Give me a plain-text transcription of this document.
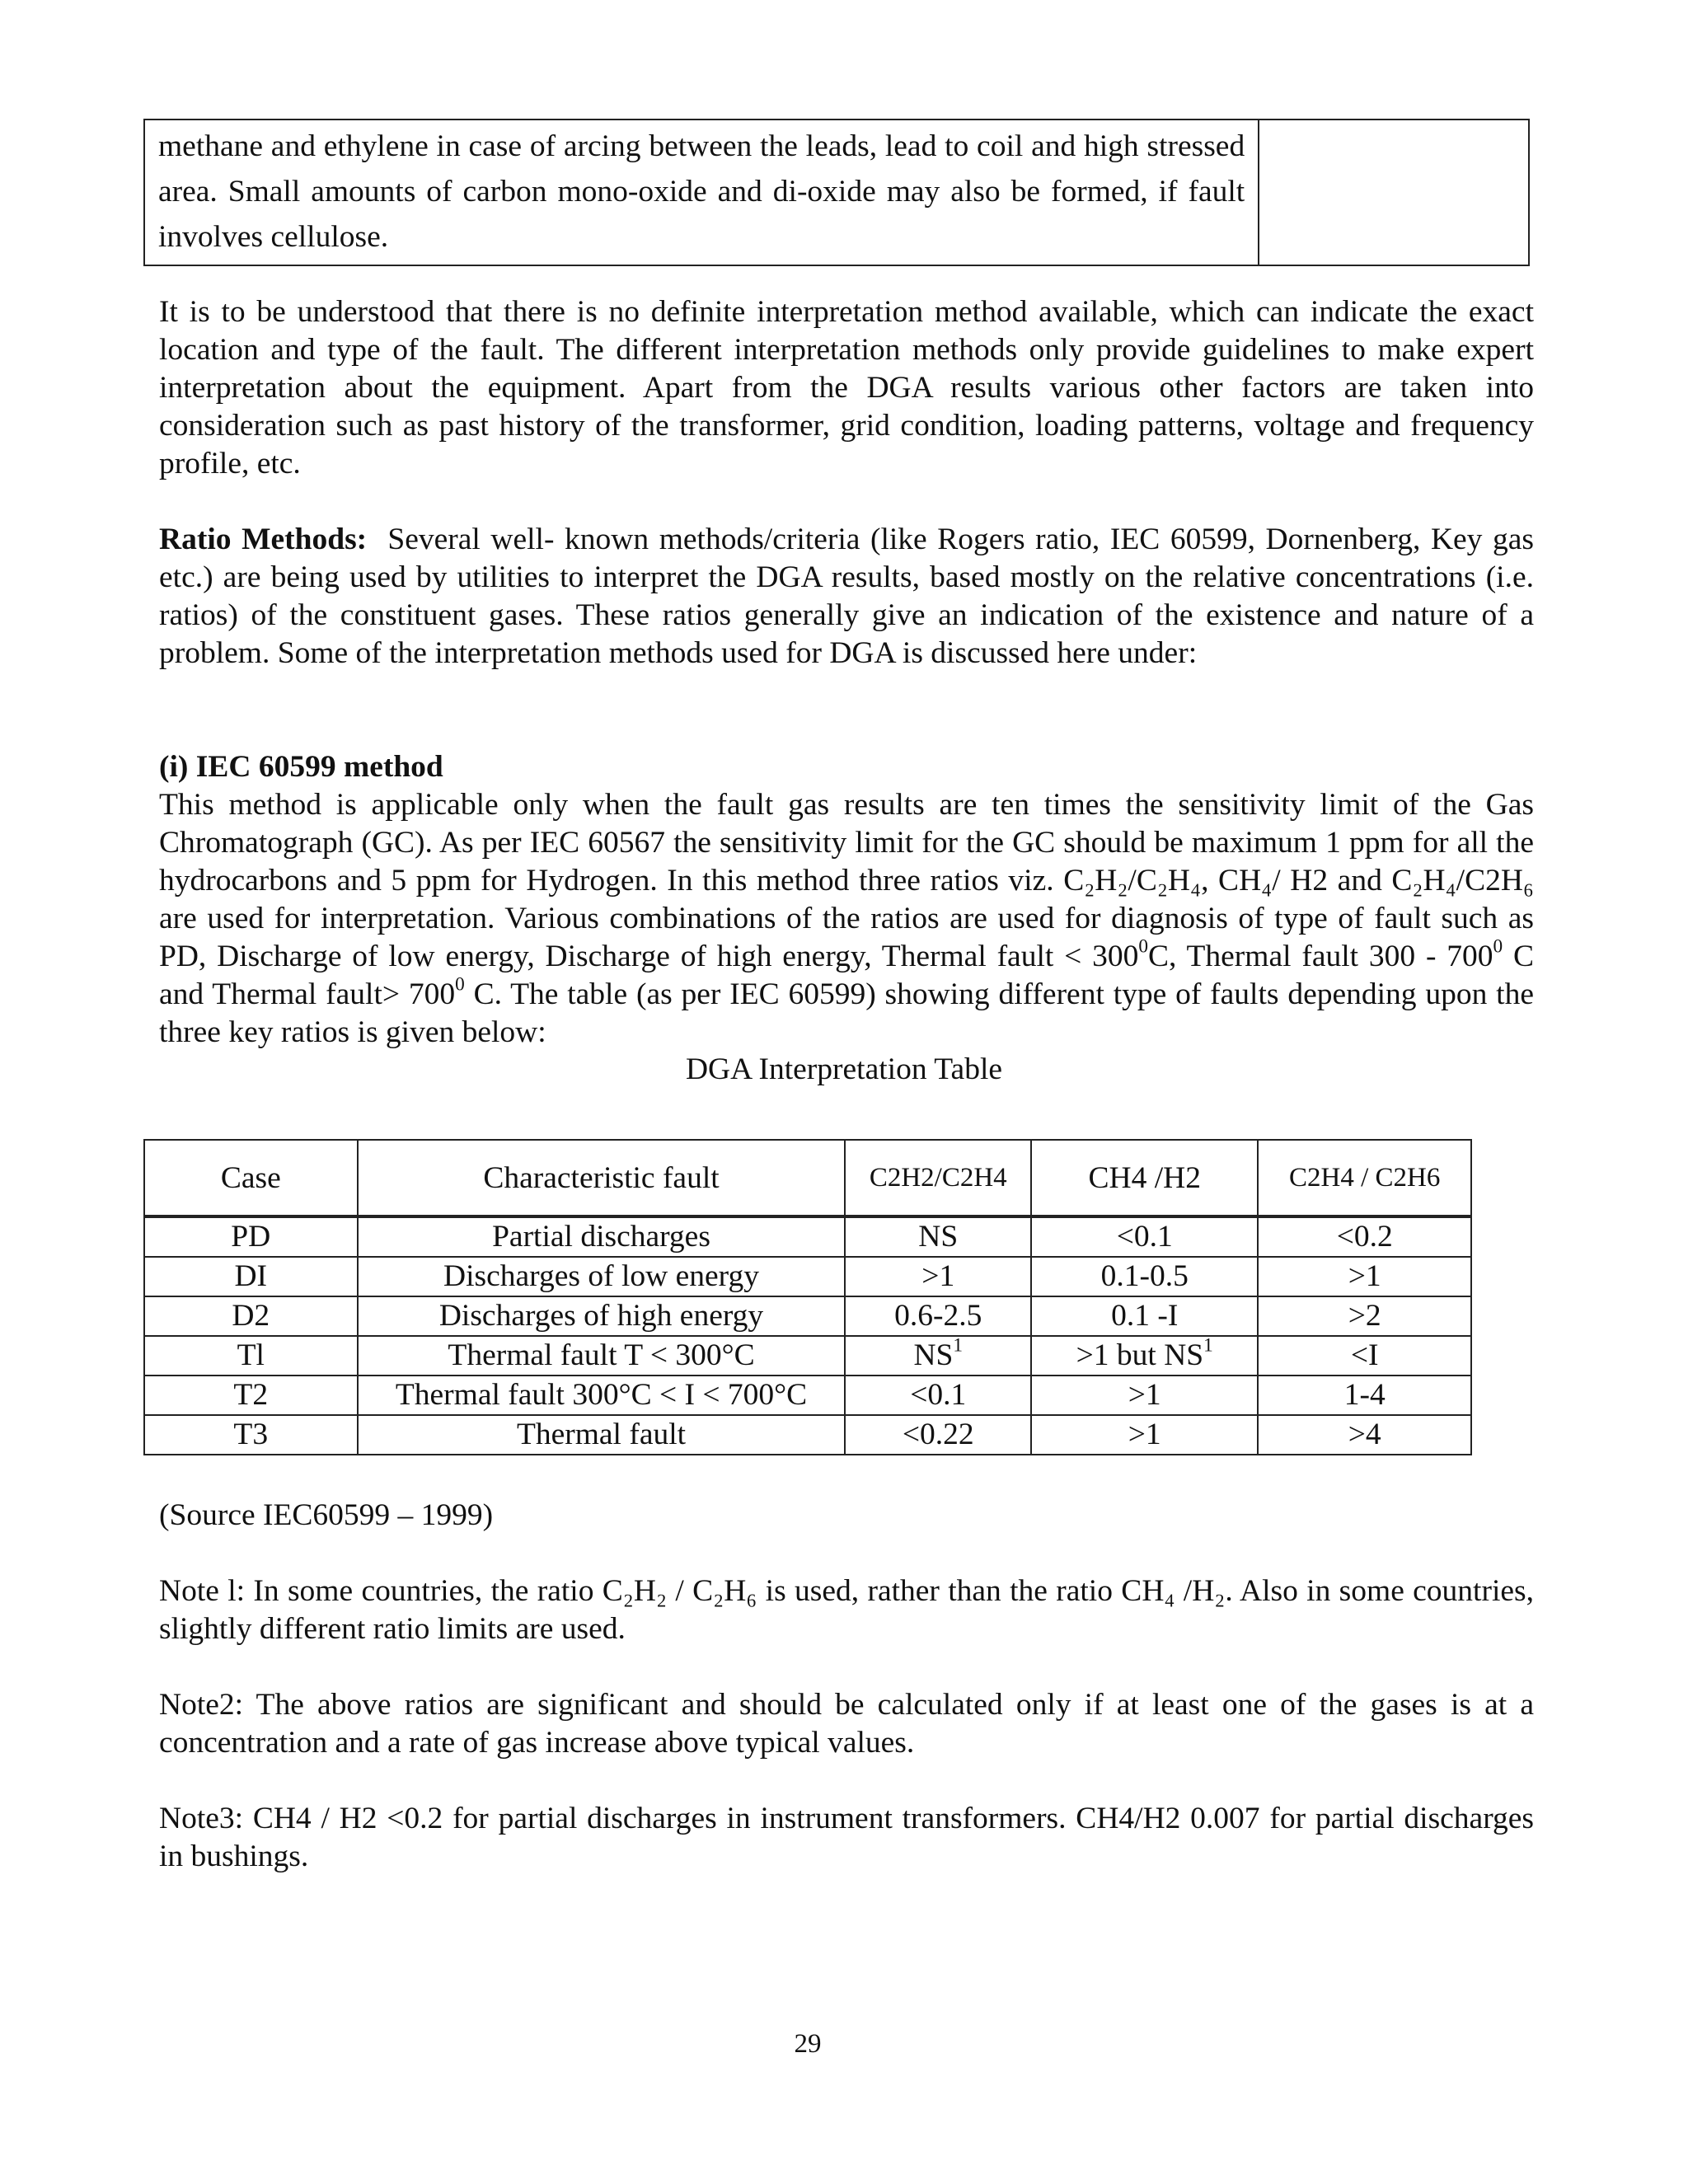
methane and ethylene in case of arcing between the leads, lead to coil and high stressed area. Small amounts of carbon mono-oxide and di-oxide may also be formed, if fault involves cellulose.	

It is to be understood that there is no definite interpretation method available, which can indicate the exact location and type of the fault. The different interpretation methods only provide guidelines to make expert interpretation about the equipment. Apart from the DGA results various other factors are taken into consideration such as past history of the transformer, grid condition, loading patterns, voltage and frequency profile, etc.

Ratio Methods: Several well- known methods/criteria (like Rogers ratio, IEC 60599, Dornenberg, Key gas etc.) are being used by utilities to interpret the DGA results, based mostly on the relative concentrations (i.e. ratios) of the constituent gases. These ratios generally give an indication of the existence and nature of a problem. Some of the interpretation methods used for DGA is discussed here under:

(i) IEC 60599 method

This method is applicable only when the fault gas results are ten times the sensitivity limit of the Gas Chromatograph (GC). As per IEC 60567 the sensitivity limit for the GC should be maximum 1 ppm for all the hydrocarbons and 5 ppm for Hydrogen. In this method three ratios viz. C₂H₂/C₂H₄, CH₄/ H2 and C₂H₄/C2H₆ are used for interpretation. Various combinations of the ratios are used for diagnosis of type of fault such as PD, Discharge of low energy, Discharge of high energy, Thermal fault < $300^0C$, Thermal fault $300 - 700^0$ C and Thermal fault> $700^0$ C. The table (as per IEC 60599) showing different type of faults depending upon the three key ratios is given below:

DGA Interpretation Table

Case	Characteristic fault	C2H2/C2H4	CH4 /H2	C2H4 / C2H6
PD	Partial discharges	NS	<0.1	<0.2
DI	Discharges of low energy	>1	0.1-0.5	>1
D2	Discharges of high energy	0.6-2.5	0.1 -I	>2
Tl	Thermal fault T < 300°C	$NS^1$	>1 but $NS^1$	<I
T2	Thermal fault 300°C < I < 700°C	<0.1	>1	1-4
T3	Thermal fault	<0.22	>1	>4

(Source IEC60599 – 1999)

Note l: In some countries, the ratio C₂H₂ / C₂H₆ is used, rather than the ratio CH₄ /H₂. Also in some countries, slightly different ratio limits are used.

Note2: The above ratios are significant and should be calculated only if at least one of the gases is at a concentration and a rate of gas increase above typical values.

Note3: CH4 / H2 <0.2 for partial discharges in instrument transformers. CH4/H2 0.007 for partial discharges in bushings.

29
